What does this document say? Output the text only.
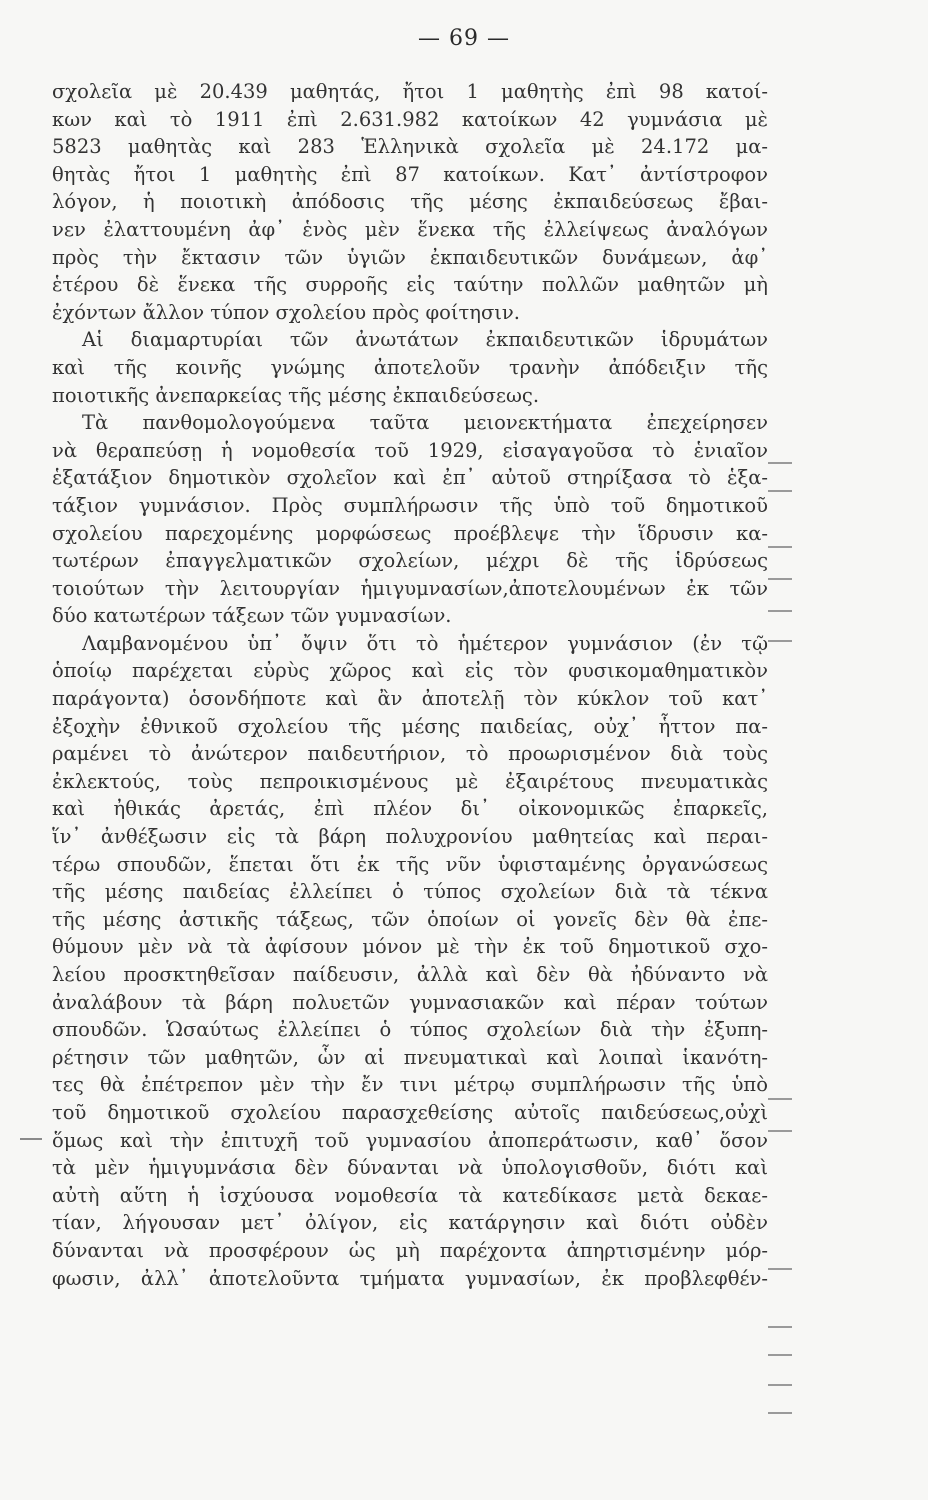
— 69 —
σχολεῖα μὲ 20.439 μαθητάς, ἤτοι 1 μαθητὴς ἐπὶ 98 κατοί-
κων καὶ τὸ 1911 ἐπὶ 2.631.982 κατοίκων 42 γυμνάσια μὲ
5823 μαθητὰς καὶ 283 Ἑλληνικὰ σχολεῖα μὲ 24.172 μα-
θητὰς ἤτοι 1 μαθητὴς ἐπὶ 87 κατοίκων. Κατ᾽ ἀντίστροφον
λόγον, ἡ ποιοτικὴ ἀπόδοσις τῆς μέσης ἐκπαιδεύσεως ἔβαι-
νεν ἐλαττουμένη ἀφ᾽ ἑνὸς μὲν ἕνεκα τῆς ἐλλείψεως ἀναλόγων
πρὸς τὴν ἔκτασιν τῶν ὑγιῶν ἐκπαιδευτικῶν δυνάμεων, ἀφ᾽
ἑτέρου δὲ ἕνεκα τῆς συρροῆς εἰς ταύτην πολλῶν μαθητῶν μὴ
ἐχόντων ἄλλον τύπον σχολείου πρὸς φοίτησιν.
Αἱ διαμαρτυρίαι τῶν ἀνωτάτων ἐκπαιδευτικῶν ἱδρυμάτων
καὶ τῆς κοινῆς γνώμης ἀποτελοῦν τρανὴν ἀπόδειξιν τῆς
ποιοτικῆς ἀνεπαρκείας τῆς μέσης ἐκπαιδεύσεως.
Τὰ πανθομολογούμενα ταῦτα μειονεκτήματα ἐπεχείρησεν
νὰ θεραπεύσῃ ἡ νομοθεσία τοῦ 1929, εἰσαγαγοῦσα τὸ ἑνιαῖον
ἑξατάξιον δημοτικὸν σχολεῖον καὶ ἐπ᾽ αὐτοῦ στηρίξασα τὸ ἑξα-
τάξιον γυμνάσιον. Πρὸς συμπλήρωσιν τῆς ὑπὸ τοῦ δημοτικοῦ
σχολείου παρεχομένης μορφώσεως προέβλεψε τὴν ἵδρυσιν κα-
τωτέρων ἐπαγγελματικῶν σχολείων, μέχρι δὲ τῆς ἱδρύσεως
τοιούτων τὴν λειτουργίαν ἡμιγυμνασίων,ἀποτελουμένων ἐκ τῶν
δύο κατωτέρων τάξεων τῶν γυμνασίων.
Λαμβανομένου ὑπ᾽ ὄψιν ὅτι τὸ ἡμέτερον γυμνάσιον (ἐν τῷ
ὁποίῳ παρέχεται εὐρὺς χῶρος καὶ εἰς τὸν φυσικομαθηματικὸν
παράγοντα) ὁσονδήποτε καὶ ἂν ἀποτελῇ τὸν κύκλον τοῦ κατ᾽
ἐξοχὴν ἐθνικοῦ σχολείου τῆς μέσης παιδείας, οὐχ᾽ ἧττον πα-
ραμένει τὸ ἀνώτερον παιδευτήριον, τὸ προωρισμένον διὰ τοὺς
ἐκλεκτούς, τοὺς πεπροικισμένους μὲ ἐξαιρέτους πνευματικὰς
καὶ ἠθικάς ἀρετάς, ἐπὶ πλέον δι᾽ οἰκονομικῶς ἐπαρκεῖς,
ἵν᾽ ἀνθέξωσιν εἰς τὰ βάρη πολυχρονίου μαθητείας καὶ περαι-
τέρω σπουδῶν, ἕπεται ὅτι ἐκ τῆς νῦν ὑφισταμένης ὀργανώσεως
τῆς μέσης παιδείας ἐλλείπει ὁ τύπος σχολείων διὰ τὰ τέκνα
τῆς μέσης ἀστικῆς τάξεως, τῶν ὁποίων οἱ γονεῖς δὲν θὰ ἐπε-
θύμουν μὲν νὰ τὰ ἀφίσουν μόνον μὲ τὴν ἐκ τοῦ δημοτικοῦ σχο-
λείου προσκτηθεῖσαν παίδευσιν, ἀλλὰ καὶ δὲν θὰ ἠδύναντο νὰ
ἀναλάβουν τὰ βάρη πολυετῶν γυμνασιακῶν καὶ πέραν τούτων
σπουδῶν. Ὡσαύτως ἐλλείπει ὁ τύπος σχολείων διὰ τὴν ἐξυπη-
ρέτησιν τῶν μαθητῶν, ὧν αἱ πνευματικαὶ καὶ λοιπαὶ ἱκανότη-
τες θὰ ἐπέτρεπον μὲν τὴν ἔν τινι μέτρῳ συμπλήρωσιν τῆς ὑπὸ
τοῦ δημοτικοῦ σχολείου παρασχεθείσης αὐτοῖς παιδεύσεως,οὐχὶ
ὅμως καὶ τὴν ἐπιτυχῆ τοῦ γυμνασίου ἀποπεράτωσιν, καθ᾽ ὅσον
τὰ μὲν ἡμιγυμνάσια δὲν δύνανται νὰ ὑπολογισθοῦν, διότι καὶ
αὐτὴ αὕτη ἡ ἰσχύουσα νομοθεσία τὰ κατεδίκασε μετὰ δεκαε-
τίαν, λήγουσαν μετ᾽ ὀλίγον, εἰς κατάργησιν καὶ διότι οὐδὲν
δύνανται νὰ προσφέρουν ὡς μὴ παρέχοντα ἀπηρτισμένην μόρ-
φωσιν, ἀλλ᾽ ἀποτελοῦντα τμήματα γυμνασίων, ἐκ προβλεφθέν-
